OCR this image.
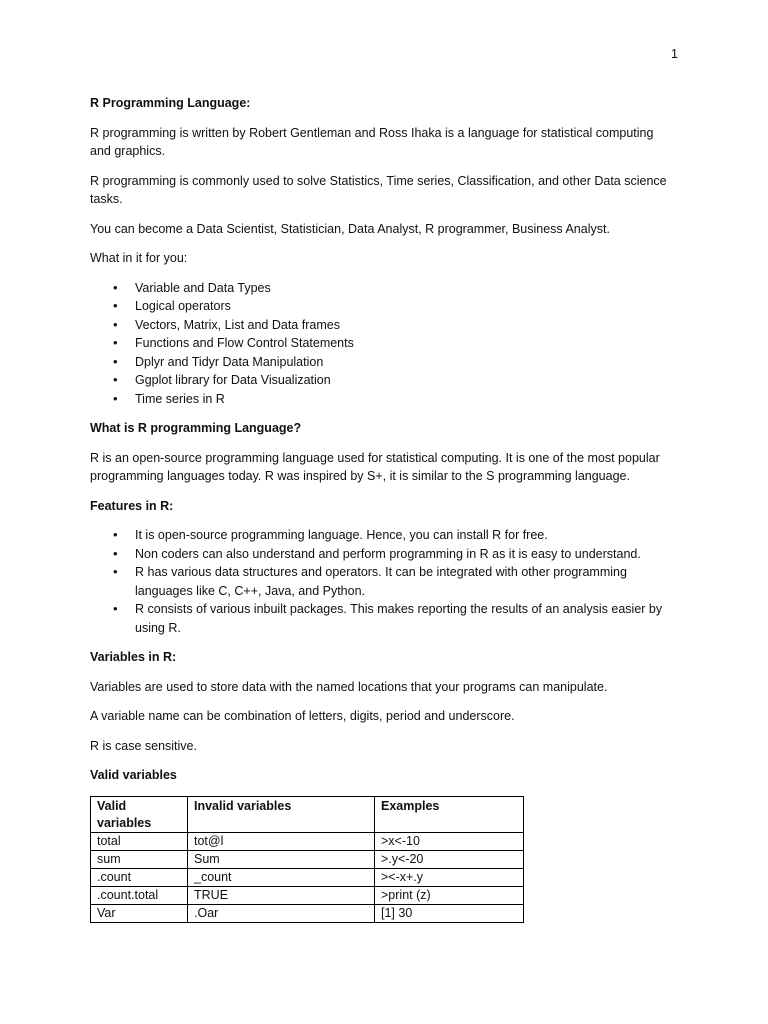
1
R Programming Language:

R programming is written by Robert Gentleman and Ross Ihaka is a language for statistical computing and graphics.

R programming is commonly used to solve Statistics, Time series, Classification, and other Data science tasks.

You can become a Data Scientist, Statistician, Data Analyst, R programmer, Business Analyst.

What in it for you:

• Variable and Data Types
• Logical operators
• Vectors, Matrix, List and Data frames
• Functions and Flow Control Statements
• Dplyr and Tidyr Data Manipulation
• Ggplot library for Data Visualization
• Time series in R
What is R programming Language?

R is an open-source programming language used for statistical computing. It is one of the most popular programming languages today. R was inspired by S+, it is similar to the S programming language.

Features in R:
• It is open-source programming language. Hence, you can install R for free.
• Non coders can also understand and perform programming in R as it is easy to understand.
• R has various data structures and operators. It can be integrated with other programming languages like C, C++, Java, and Python.
• R consists of various inbuilt packages. This makes reporting the results of an analysis easier by using R.
Variables in R:

Variables are used to store data with the named locations that your programs can manipulate.

A variable name can be combination of letters, digits, period and underscore.

R is case sensitive.

Valid variables
Valid variables	Invalid variables	Examples
total	tot@l	>x<-10
sum	Sum	>.y<-20
.count	_count	><-x+.y
.count.total	TRUE	>print (z)
Var	.Oar	[1] 30
